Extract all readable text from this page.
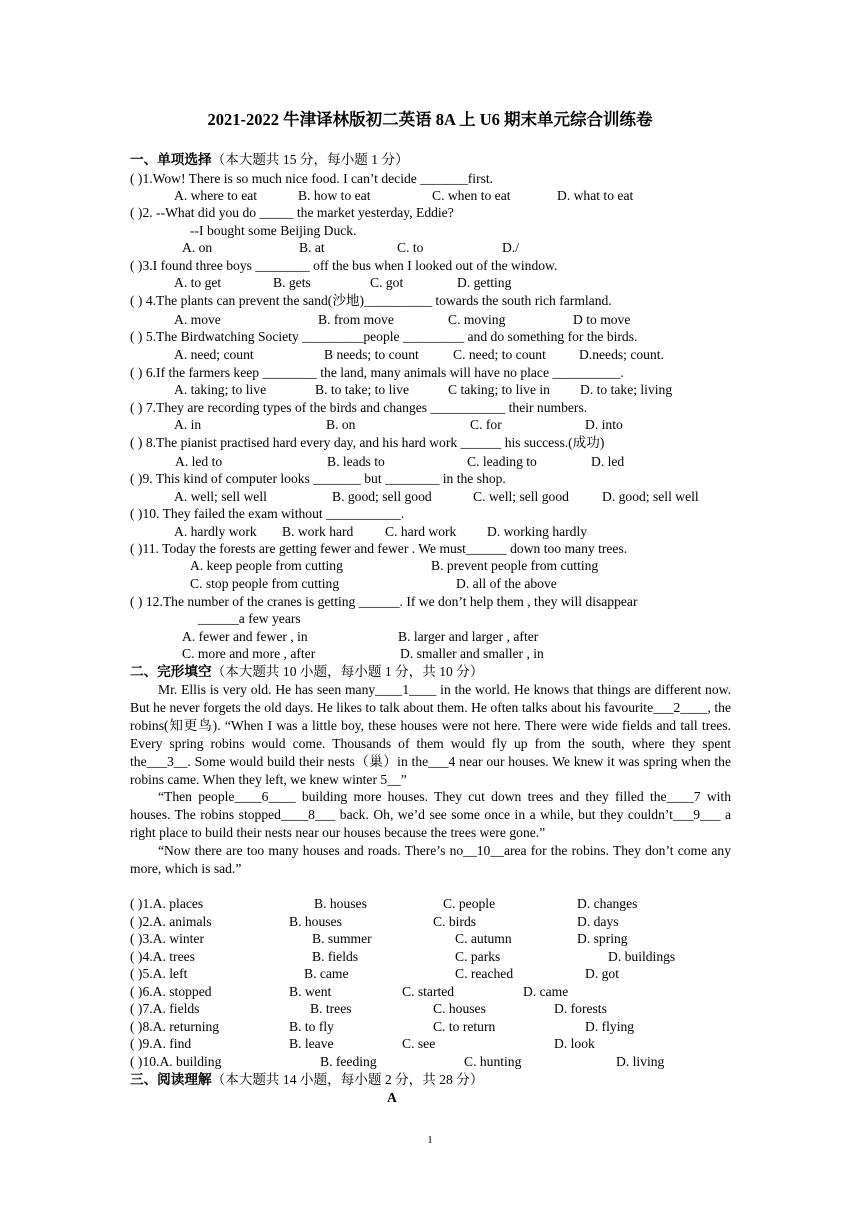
2021-2022 牛津译林版初二英语 8A 上 U6 期末单元综合训练卷
一、单项选择（本大题共 15 分，每小题 1 分）
( )1.Wow! There is so much nice food. I can’t decide _______first.
A. where to eat	B. how to eat	C. when to eat	D. what to eat
( )2. --What did you do _____ the market yesterday, Eddie?
--I bought some Beijing Duck.
A. on	B. at	C. to	D./
( )3.I found three boys ________ off the bus when I looked out of the window.
A. to get	B. gets	C. got	D. getting
( ) 4.The plants can prevent the sand(沙地)__________ towards the south rich farmland.
A. move	B. from move	C. moving	D to move
( ) 5.The Birdwatching Society _________people _________ and do something for the birds.
A. need; count	B needs; to count	C. need; to count D.needs; count.
( ) 6.If the farmers keep ________ the land, many animals will have no place __________.
A. taking; to live	B. to take; to live	C taking; to live in D. to take; living
( ) 7.They are recording types of the birds and changes ___________ their numbers.
A. in	B. on	C. for	D. into
( ) 8.The pianist practised hard every day, and his hard work ______ his success.(成功)
A. led to	B. leads to	C. leading to	D. led
( )9. This kind of computer looks _______ but ________ in the shop.
A. well; sell well	B. good; sell good	C. well; sell good D. good; sell well
( )10. They failed the exam without ___________.
A. hardly work B. work hard C. hard work D. working hardly
( )11. Today the forests are getting fewer and fewer . We must______ down too many trees.
A. keep people from cutting	B. prevent people from cutting
C. stop people from cutting	D. all of the above
( ) 12.The number of the cranes is getting ______. If we don’t help them , they will disappear
______a few years
A. fewer and fewer , in	B. larger and larger , after
C. more and more , after	D. smaller and smaller , in
二、完形填空（本大题共 10 小题，每小题 1 分，共 10 分）

Mr. Ellis is very old. He has seen many____1____ in the world. He knows that things are different now. But he never forgets the old days. He likes to talk about them. He often talks about his favourite___2____, the robins(知更鸟). “When I was a little boy, these houses were not here. There were wide fields and tall trees. Every spring robins would come. Thousands of them would fly up from the south, where they spent the___3__. Some would build their nests（巢）in the___4 near our houses. We knew it was spring when the robins came. When they left, we knew winter 5__”

“Then people____6____ building more houses. They cut down trees and they filled the____7 with houses. The robins stopped____8___ back. Oh, we’d see some once in a while, but they couldn’t___9___ a right place to build their nests near our houses because the trees were gone.”

“Now there are too many houses and roads. There’s no__10__area for the robins. They don’t come any more, which is sad.”

( )1.A. places	B. houses	C. people	D. changes
( )2.A. animals	B. houses	C. birds	D. days
( )3.A. winter	B. summer	C. autumn	D. spring
( )4.A. trees	B. fields	C. parks	D. buildings
( )5.A. left	B. came	C. reached	D. got
( )6.A. stopped	B. went	C. started	D. came
( )7.A. fields	B. trees	C. houses	D. forests
( )8.A. returning	B. to fly	C. to return	D. flying
( )9.A. find	B. leave	C. see	D. look
( )10.A. building	B. feeding	C. hunting	D. living
三、阅读理解（本大题共 14 小题，每小题 2 分，共 28 分）
A
1
